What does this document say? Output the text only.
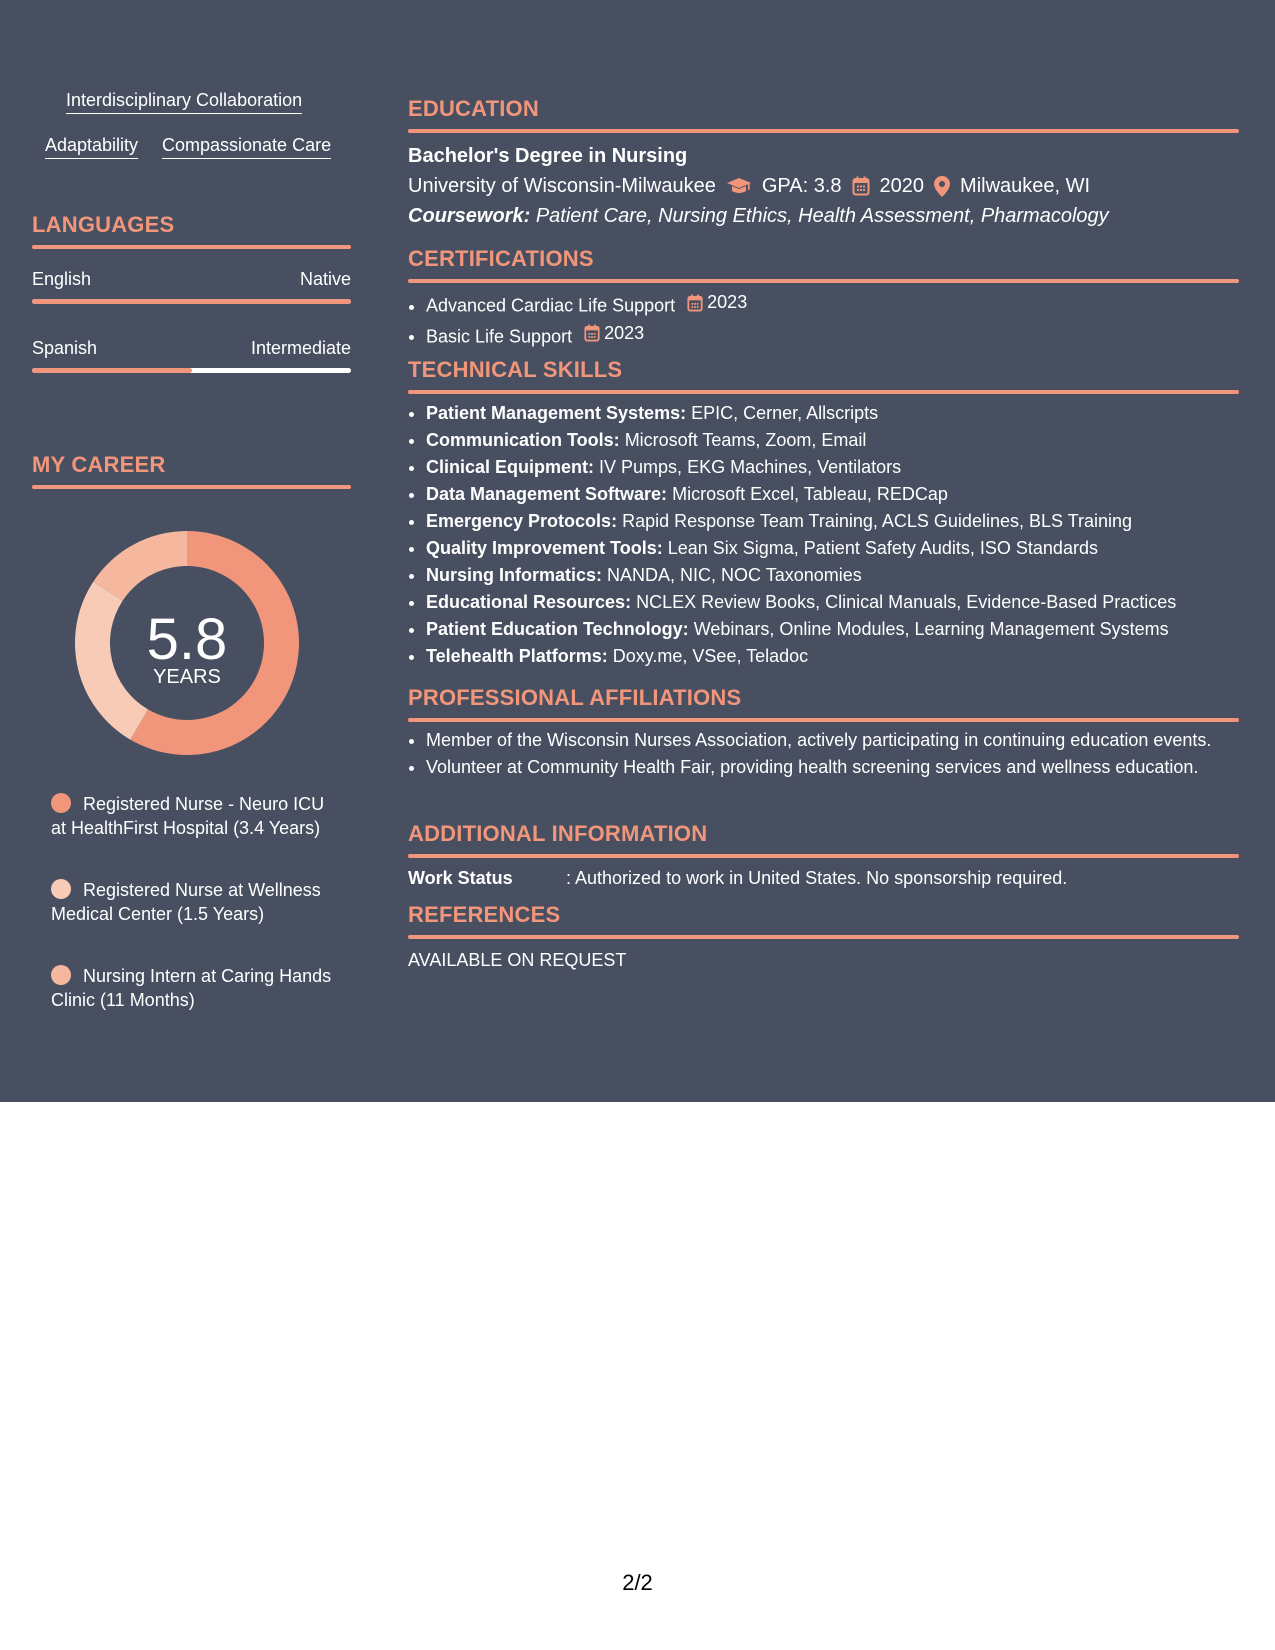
Interdisciplinary Collaboration
Adaptability Compassionate Care
LANGUAGES
English	Native
Spanish	Intermediate
MY CAREER
5.8
YEARS
Registered Nurse - Neuro ICU at HealthFirst Hospital (3.4 Years)
Registered Nurse at Wellness Medical Center (1.5 Years)
Nursing Intern at Caring Hands Clinic (11 Months)
EDUCATION
Bachelor's Degree in Nursing
University of Wisconsin-Milwaukee GPA: 3.8 2020 Milwaukee, WI
Coursework: Patient Care, Nursing Ethics, Health Assessment, Pharmacology
CERTIFICATIONS
• Advanced Cardiac Life Support 2023
• Basic Life Support 2023
TECHNICAL SKILLS
• Patient Management Systems: EPIC, Cerner, Allscripts
• Communication Tools: Microsoft Teams, Zoom, Email
• Clinical Equipment: IV Pumps, EKG Machines, Ventilators
• Data Management Software: Microsoft Excel, Tableau, REDCap
• Emergency Protocols: Rapid Response Team Training, ACLS Guidelines, BLS Training
• Quality Improvement Tools: Lean Six Sigma, Patient Safety Audits, ISO Standards
• Nursing Informatics: NANDA, NIC, NOC Taxonomies
• Educational Resources: NCLEX Review Books, Clinical Manuals, Evidence-Based Practices
• Patient Education Technology: Webinars, Online Modules, Learning Management Systems
• Telehealth Platforms: Doxy.me, VSee, Teladoc
PROFESSIONAL AFFILIATIONS
• Member of the Wisconsin Nurses Association, actively participating in continuing education events.
• Volunteer at Community Health Fair, providing health screening services and wellness education.
ADDITIONAL INFORMATION
Work Status	: Authorized to work in United States. No sponsorship required.
REFERENCES
AVAILABLE ON REQUEST
2/2
